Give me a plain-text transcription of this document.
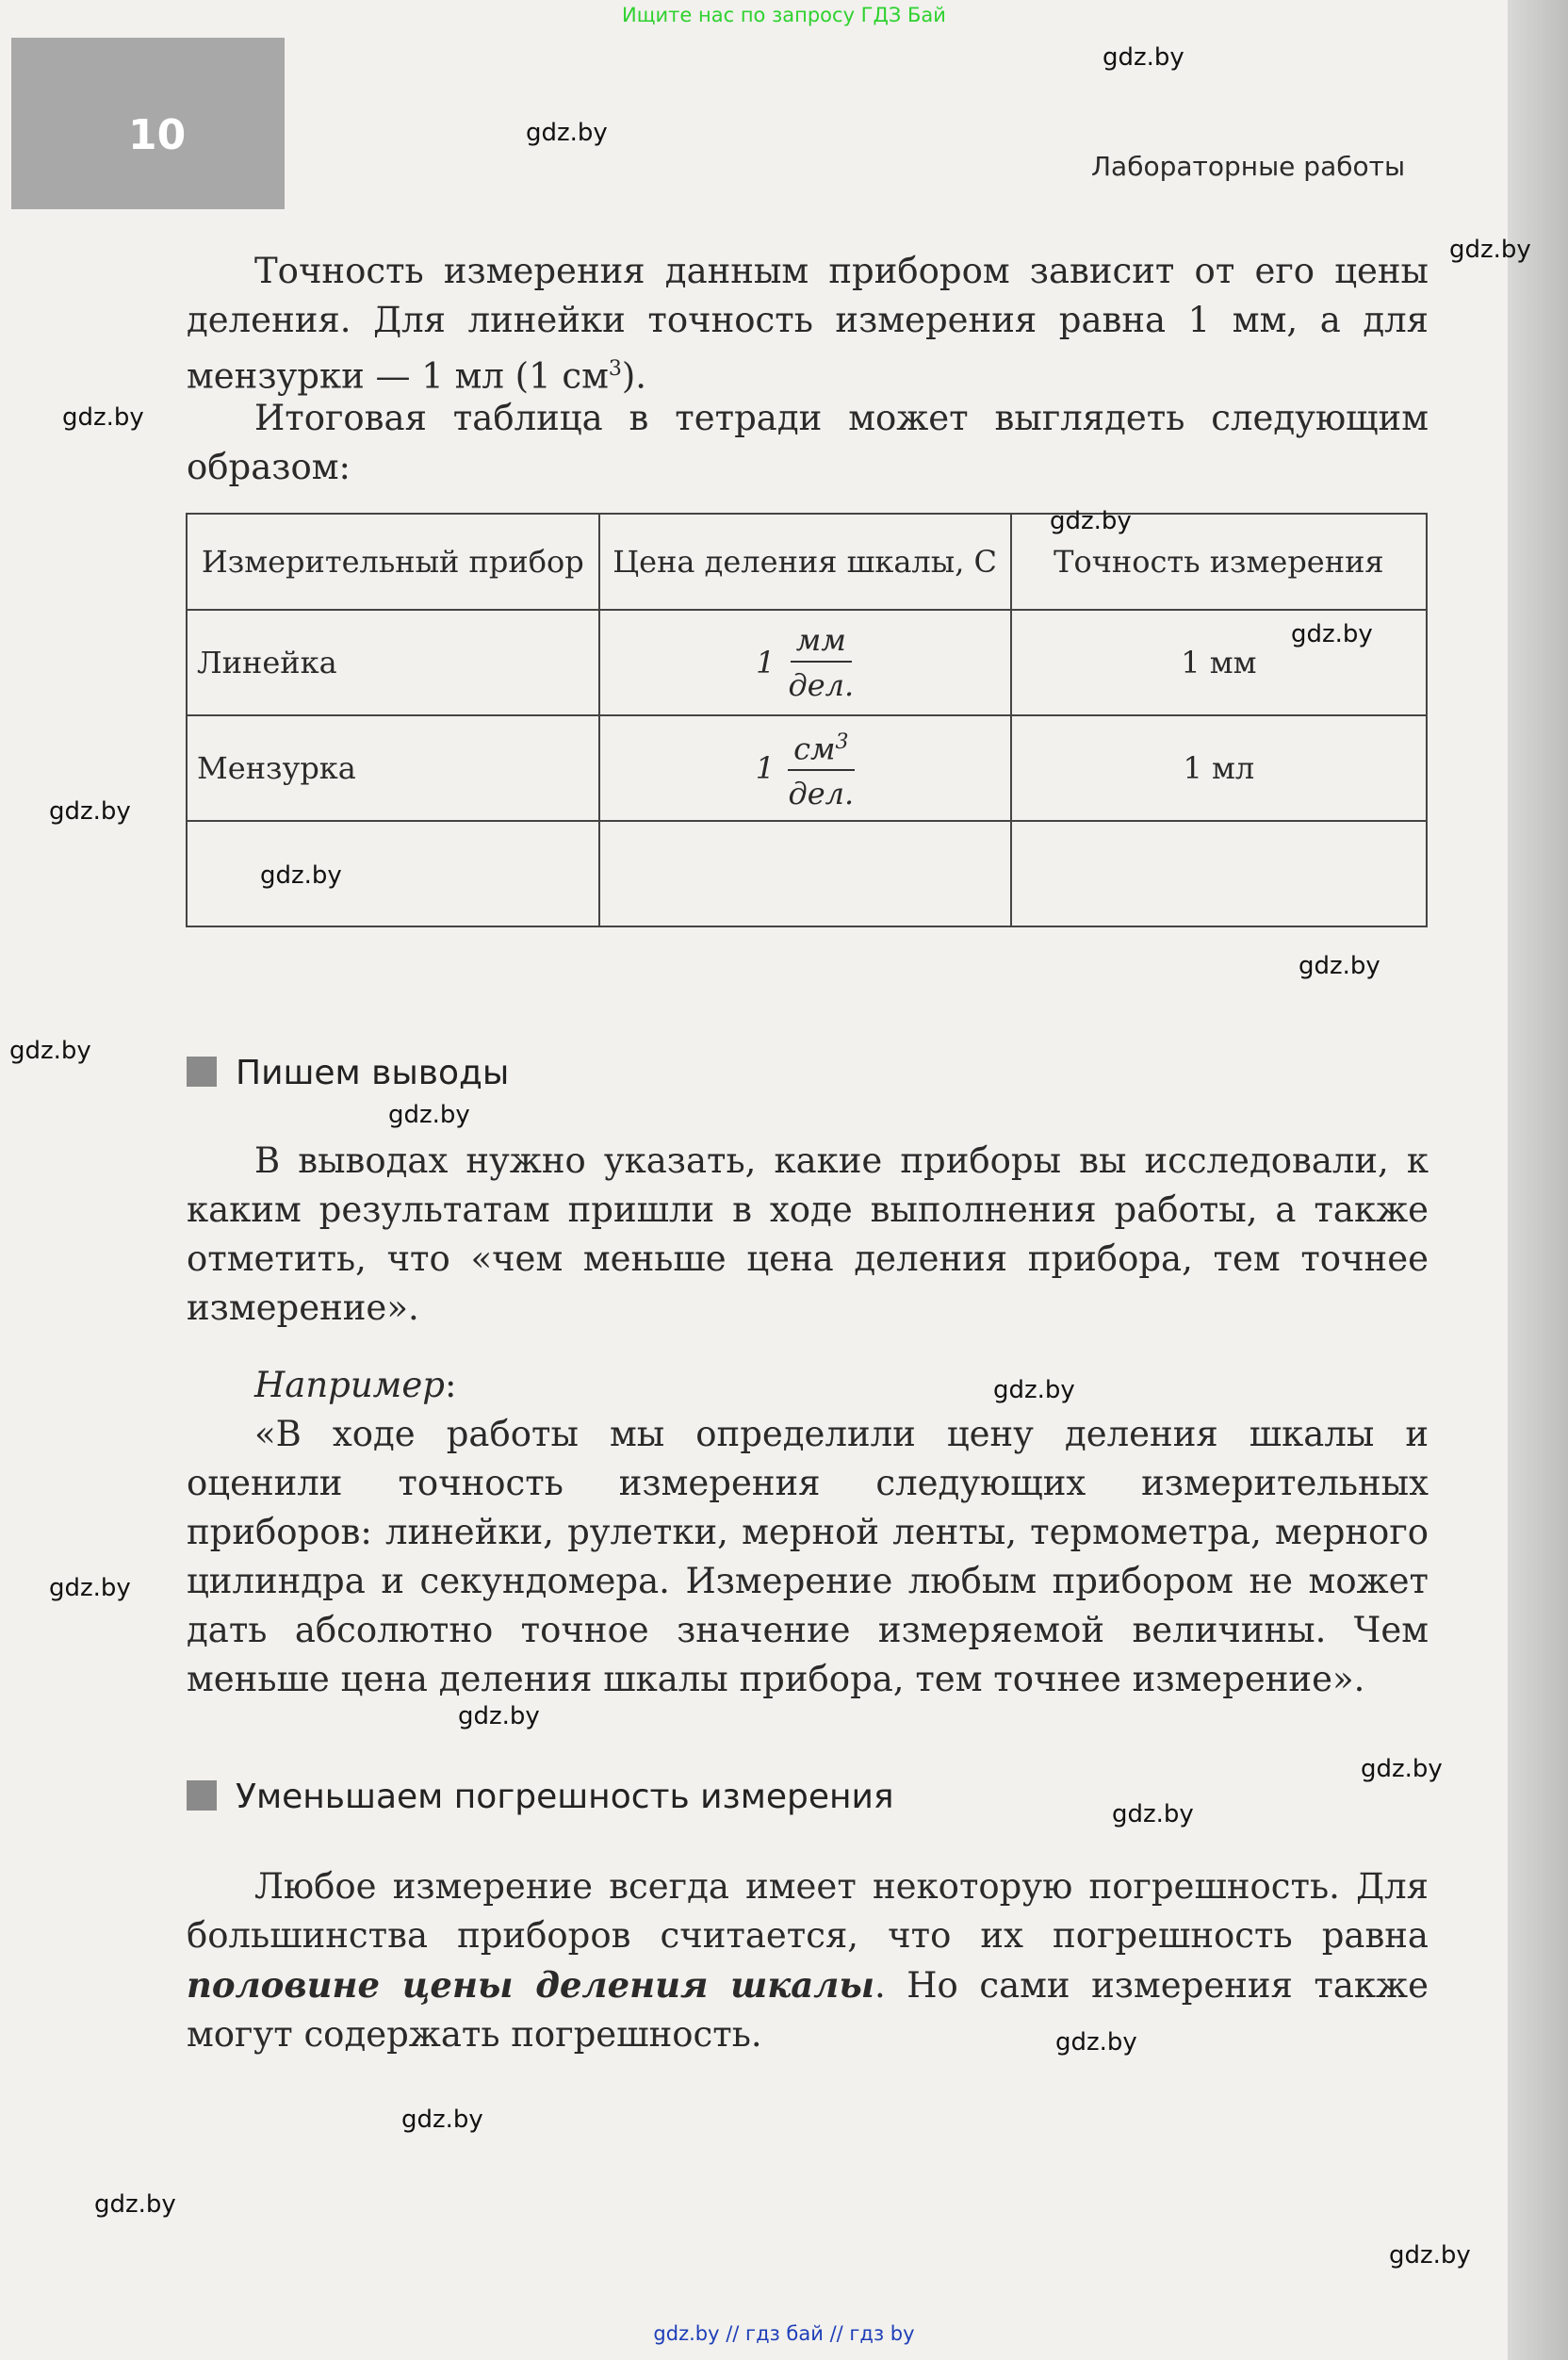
Ищите нас по запросу ГДЗ Бай
10
Лабораторные работы

Точность измерения данным прибором зависит от его цены деления. Для линейки точность измерения равна 1 мм, а для мензурки — 1 мл (1 $см^3$).

Итоговая таблица в тетради может выглядеть следующим образом:

Измерительный прибор	Цена деления шкалы, C	Точность измерения
Линейка	$1 \frac{мм}{\text{дел.}}$	1 мм
Мензурка	$1 \frac{см^3}{\text{дел.}}$	1 мл

Пишем выводы

В выводах нужно указать, какие приборы вы исследовали, к каким результатам пришли в ходе выполнения работы, а также отметить, что «чем меньше цена деления прибора, тем точнее измерение».

Например:

«В ходе работы мы определили цену деления шкалы и оценили точность измерения следующих измерительных приборов: линейки, рулетки, мерной ленты, термометра, мерного цилиндра и секундомера. Измерение любым прибором не может дать абсолютно точное значение измеряемой величины. Чем меньше цена деления шкалы прибора, тем точнее измерение».

Уменьшаем погрешность измерения

Любое измерение всегда имеет некоторую погрешность. Для большинства приборов считается, что их погрешность равна половине цены деления шкалы. Но сами измерения также могут содержать погрешность.

gdz.by
gdz.by
gdz.by
gdz.by
gdz.by
gdz.by
gdz.by
gdz.by
gdz.by
gdz.by
gdz.by
gdz.by
gdz.by
gdz.by
gdz.by
gdz.by
gdz.by
gdz.by
gdz.by
gdz.by
gdz.by // гдз бай // гдз by
